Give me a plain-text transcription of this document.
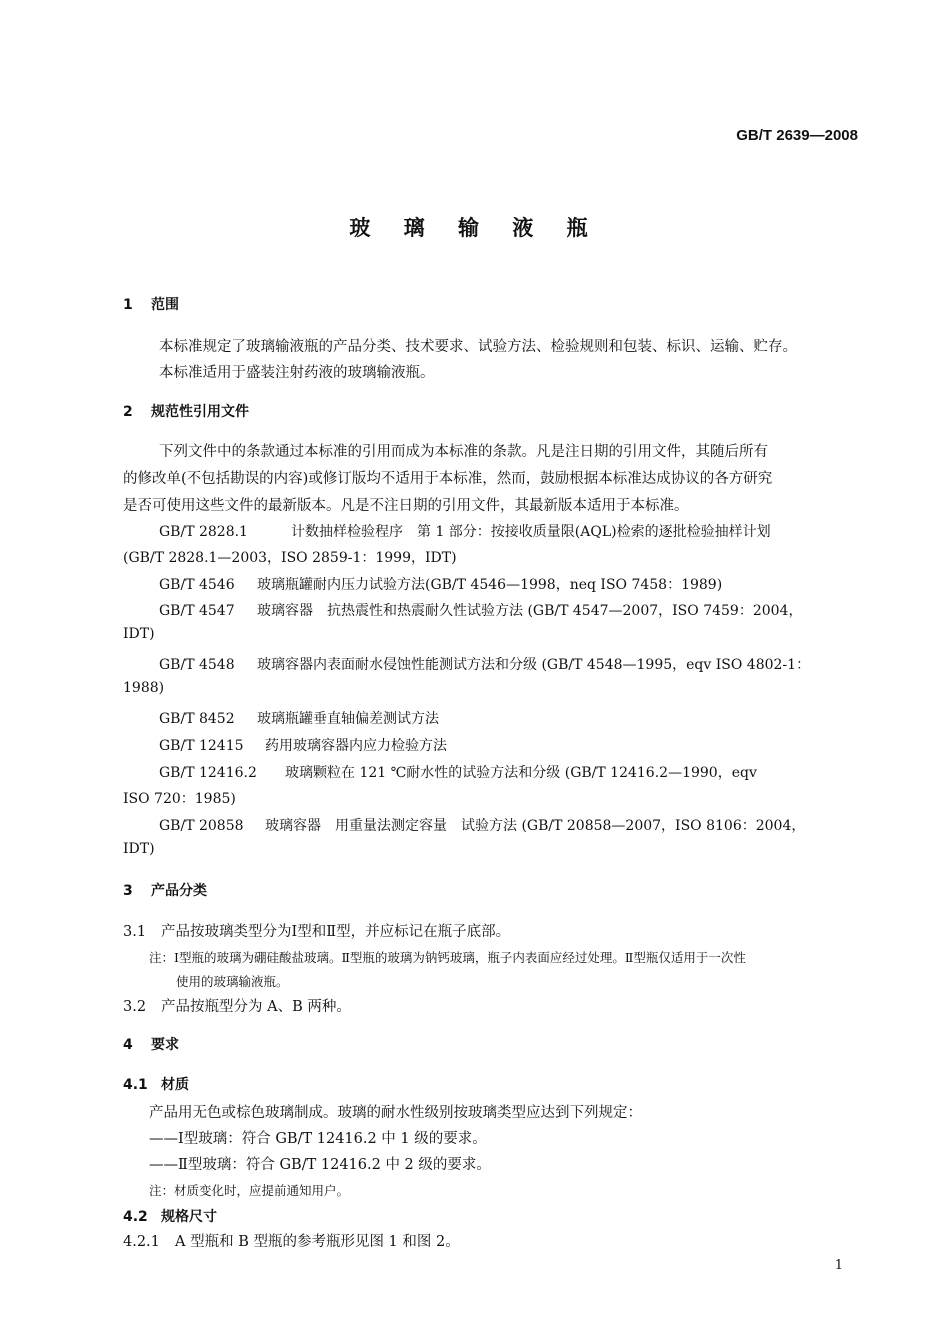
GB/T 2639—2008
玻 璃 输 液 瓶
1 范围
本标准规定了玻璃输液瓶的产品分类、技术要求、试验方法、检验规则和包装、标识、运输、贮存。
本标准适用于盛装注射药液的玻璃输液瓶。
2 规范性引用文件
下列文件中的条款通过本标准的引用而成为本标准的条款。凡是注日期的引用文件，其随后所有
的修改单(不包括勘误的内容)或修订版均不适用于本标准，然而，鼓励根据本标准达成协议的各方研究
是否可使用这些文件的最新版本。凡是不注日期的引用文件，其最新版本适用于本标准。
GB/T 2828.1	计数抽样检验程序　第 1 部分：按接收质量限(AQL)检索的逐批检验抽样计划
(GB/T 2828.1—2003，ISO 2859-1：1999，IDT)
GB/T 4546 玻璃瓶罐耐内压力试验方法(GB/T 4546—1998，neq ISO 7458：1989)
GB/T 4547 玻璃容器　抗热震性和热震耐久性试验方法 (GB/T 4547—2007，ISO 7459：2004，
IDT)
GB/T 4548 玻璃容器内表面耐水侵蚀性能测试方法和分级 (GB/T 4548—1995，eqv ISO 4802-1：
1988)
GB/T 8452 玻璃瓶罐垂直轴偏差测试方法
GB/T 12415 药用玻璃容器内应力检验方法
GB/T 12416.2 玻璃颗粒在 121 ℃耐水性的试验方法和分级 (GB/T 12416.2—1990，eqv
ISO 720：1985)
GB/T 20858 玻璃容器　用重量法测定容量　试验方法 (GB/T 20858—2007，ISO 8106：2004，
IDT)
3 产品分类
3.1 产品按玻璃类型分为Ⅰ型和Ⅱ型，并应标记在瓶子底部。
注：Ⅰ型瓶的玻璃为硼硅酸盐玻璃。Ⅱ型瓶的玻璃为钠钙玻璃，瓶子内表面应经过处理。Ⅱ型瓶仅适用于一次性
使用的玻璃输液瓶。
3.2 产品按瓶型分为 A、B 两种。
4 要求
4.1 材质
产品用无色或棕色玻璃制成。玻璃的耐水性级别按玻璃类型应达到下列规定：
——Ⅰ型玻璃：符合 GB/T 12416.2 中 1 级的要求。
——Ⅱ型玻璃：符合 GB/T 12416.2 中 2 级的要求。
注：材质变化时，应提前通知用户。
4.2 规格尺寸
4.2.1 A 型瓶和 B 型瓶的参考瓶形见图 1 和图 2。
1
